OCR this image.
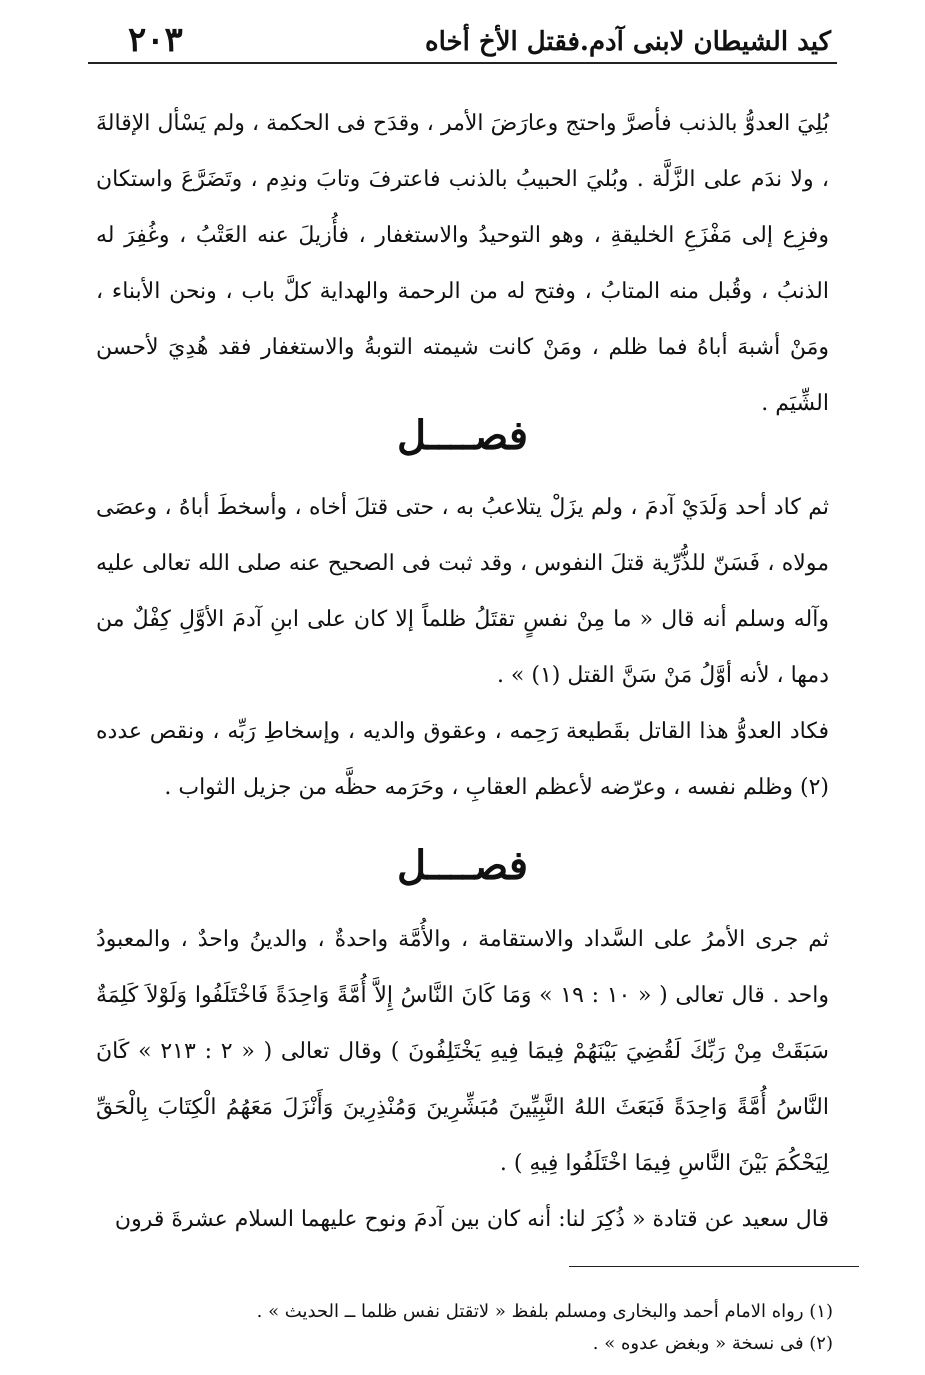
كيد الشيطان لابنى آدم.فقتل الأخ أخاه
٢٠٣

بُلِيَ العدوُّ بالذنب فأصرَّ واحتج وعارَضَ الأمر ، وقدَح فى الحكمة ، ولم يَسْأل الإقالةَ ، ولا ندَم على الزَّلَّة . وبُليَ الحبيبُ بالذنب فاعترفَ وتابَ وندِم ، وتَضَرَّعَ واستكان وفزِع إلى مَفْزَعِ الخليقةِ ، وهو التوحيدُ والاستغفار ، فأُزيلَ عنه العَتْبُ ، وغُفِرَ له الذنبُ ، وقُبل منه المتابُ ، وفتح له من الرحمة والهداية كلَّ باب ، ونحن الأبناء ، ومَنْ أشبهَ أباهُ فما ظلم ، ومَنْ كانت شيمته التوبةُ والاستغفار فقد هُدِيَ لأحسن الشِّيَم .

فصــــل

ثم كاد أحد وَلَدَيْ آدمَ ، ولم يزَلْ يتلاعبُ به ، حتى قتلَ أخاه ، وأسخطَ أباهُ ، وعصَى مولاه ، فَسَنّ للذُّرِّية قتلَ النفوس ، وقد ثبت فى الصحيح عنه صلى الله تعالى عليه وآله وسلم أنه قال « ما مِنْ نفسٍ تقتَلُ ظلماً إلا كان على ابنِ آدمَ الأوَّلِ كِفْلٌ من دمها ، لأنه أوَّلُ مَنْ سَنَّ القتل (١) » .

فكاد العدوُّ هذا القاتل بقَطيعة رَحِمه ، وعقوق والديه ، وإسخاطِ رَبِّه ، ونقص عدده (٢) وظلم نفسه ، وعرّضه لأعظم العقابِ ، وحَرَمه حظَّه من جزيل الثواب .

فصــــل

ثم جرى الأمرُ على السَّداد والاستقامة ، والأُمَّة واحدةٌ ، والدينُ واحدٌ ، والمعبودُ واحد . قال تعالى ( « ١٠ : ١٩ » وَمَا كَانَ النَّاسُ إِلاَّ أُمَّةً وَاحِدَةً فَاخْتَلَفُوا وَلَوْلاَ كَلِمَةٌ سَبَقَتْ مِنْ رَبِّكَ لَقُضِيَ بَيْنَهُمْ فِيمَا فِيهِ يَخْتَلِفُونَ ) وقال تعالى ( « ٢ : ٢١٣ » كَانَ النَّاسُ أُمَّةً وَاحِدَةً فَبَعَثَ اللهُ النَّبِيِّينَ مُبَشِّرِينَ وَمُنْذِرِينَ وَأَنْزَلَ مَعَهُمُ الْكِتَابَ بِالْحَقِّ لِيَحْكُمَ بَيْنَ النَّاسِ فِيمَا اخْتَلَفُوا فِيهِ ) .

قال سعيد عن قتادة « ذُكِرَ لنا: أنه كان بين آدمَ ونوح عليهما السلام عشرةَ قرون

(١) رواه الامام أحمد والبخارى ومسلم بلفظ « لاتقتل نفس ظلما ــ الحديث » .

(٢) فى نسخة « وبغض عدوه » .
